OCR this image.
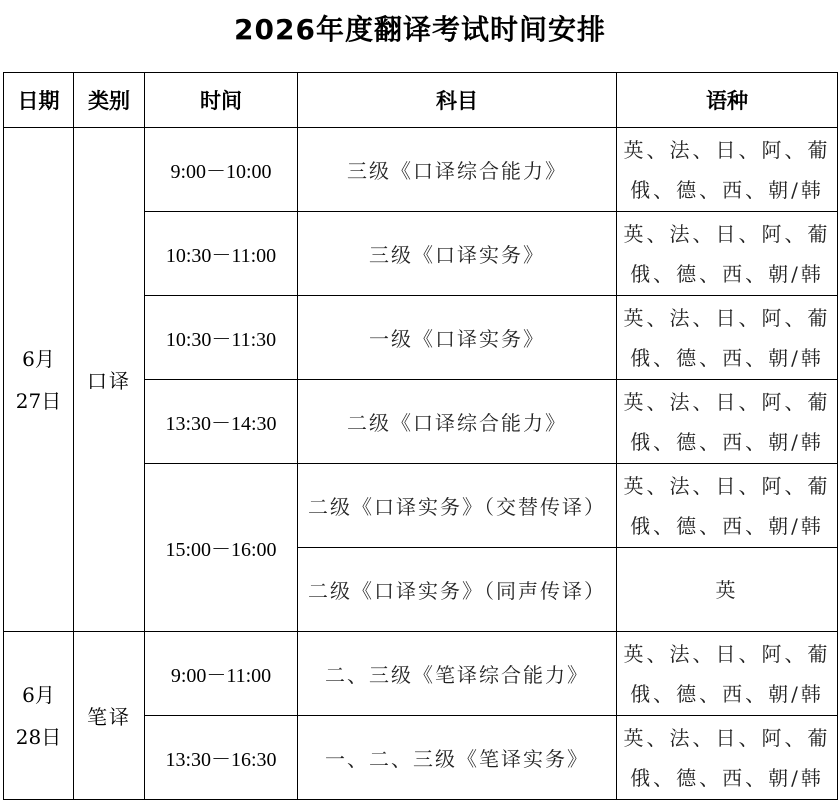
2026年度翻译考试时间安排
日期	类别	时间	科目	语种

6月
27日	口译	9:00－10:00	三级《口译综合能力》	英、法、日、阿、葡
俄、德、西、朝/韩

		10:30－11:00	三级《口译实务》	英、法、日、阿、葡
俄、德、西、朝/韩

		10:30－11:30	一级《口译实务》	英、法、日、阿、葡
俄、德、西、朝/韩

		13:30－14:30	二级《口译综合能力》	英、法、日、阿、葡
俄、德、西、朝/韩

		15:00－16:00	二级《口译实务》（交替传译）	英、法、日、阿、葡
俄、德、西、朝/韩

			二级《口译实务》（同声传译）	英

6月
28日	笔译	9:00－11:00	二、三级《笔译综合能力》	英、法、日、阿、葡
俄、德、西、朝/韩

		13:30－16:30	一、二、三级《笔译实务》	英、法、日、阿、葡
俄、德、西、朝/韩
